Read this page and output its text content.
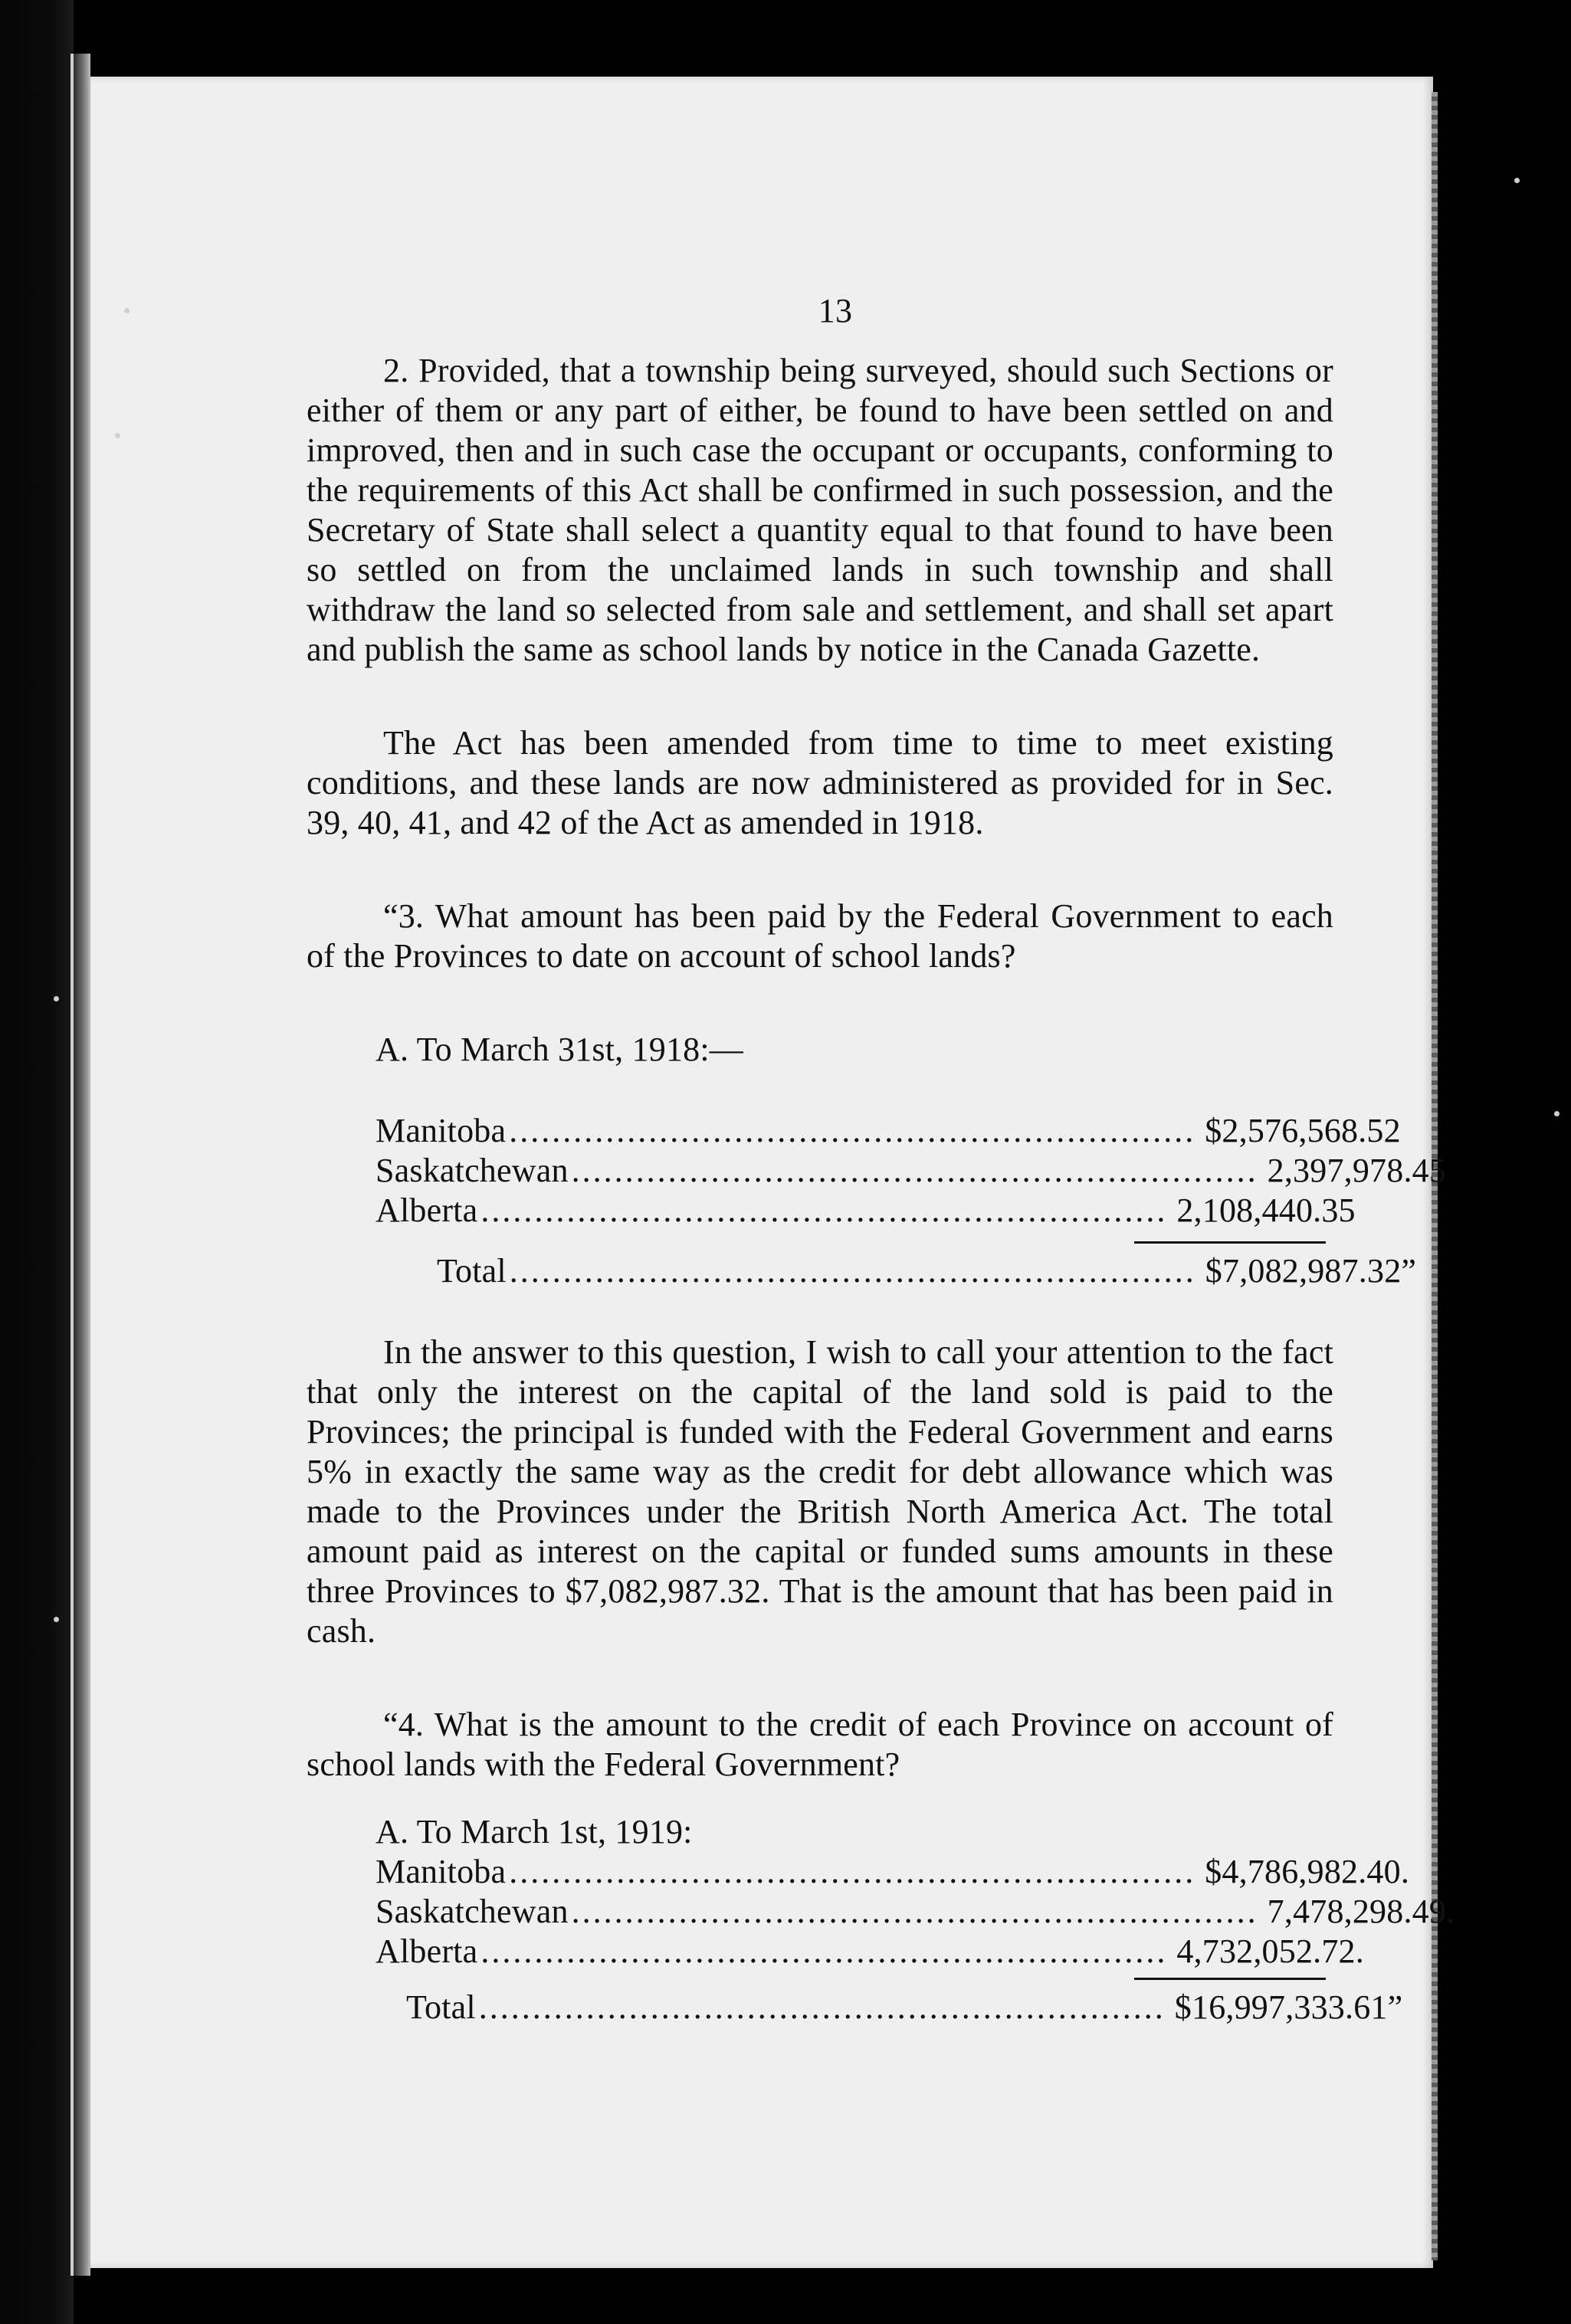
13

2. Provided, that a township being surveyed, should such Sections or either of them or any part of either, be found to have been settled on and improved, then and in such case the occupant or occupants, conforming to the requirements of this Act shall be confirmed in such possession, and the Secretary of State shall select a quantity equal to that found to have been so settled on from the unclaimed lands in such township and shall withdraw the land so selected from sale and settlement, and shall set apart and publish the same as school lands by notice in the Canada Gazette.

The Act has been amended from time to time to meet existing conditions, and these lands are now administered as provided for in Sec. 39, 40, 41, and 42 of the Act as amended in 1918.

“3. What amount has been paid by the Federal Government to each of the Provinces to date on account of school lands?

A. To March 31st, 1918:—
Manitoba ................................................................ $2,576,568.52
Saskatchewan ................................................................ 2,397,978.45
Alberta ................................................................ 2,108,440.35
Total ................................................................ $7,082,987.32”

In the answer to this question, I wish to call your attention to the fact that only the interest on the capital of the land sold is paid to the Provinces; the principal is funded with the Federal Government and earns 5% in exactly the same way as the credit for debt allowance which was made to the Provinces under the British North America Act. The total amount paid as interest on the capital or funded sums amounts in these three Provinces to $7,082,987.32. That is the amount that has been paid in cash.

“4. What is the amount to the credit of each Province on account of school lands with the Federal Government?

A. To March 1st, 1919:
Manitoba ................................................................ $4,786,982.40.
Saskatchewan ................................................................ 7,478,298.49.
Alberta ................................................................ 4,732,052.72.
Total ................................................................ $16,997,333.61”
